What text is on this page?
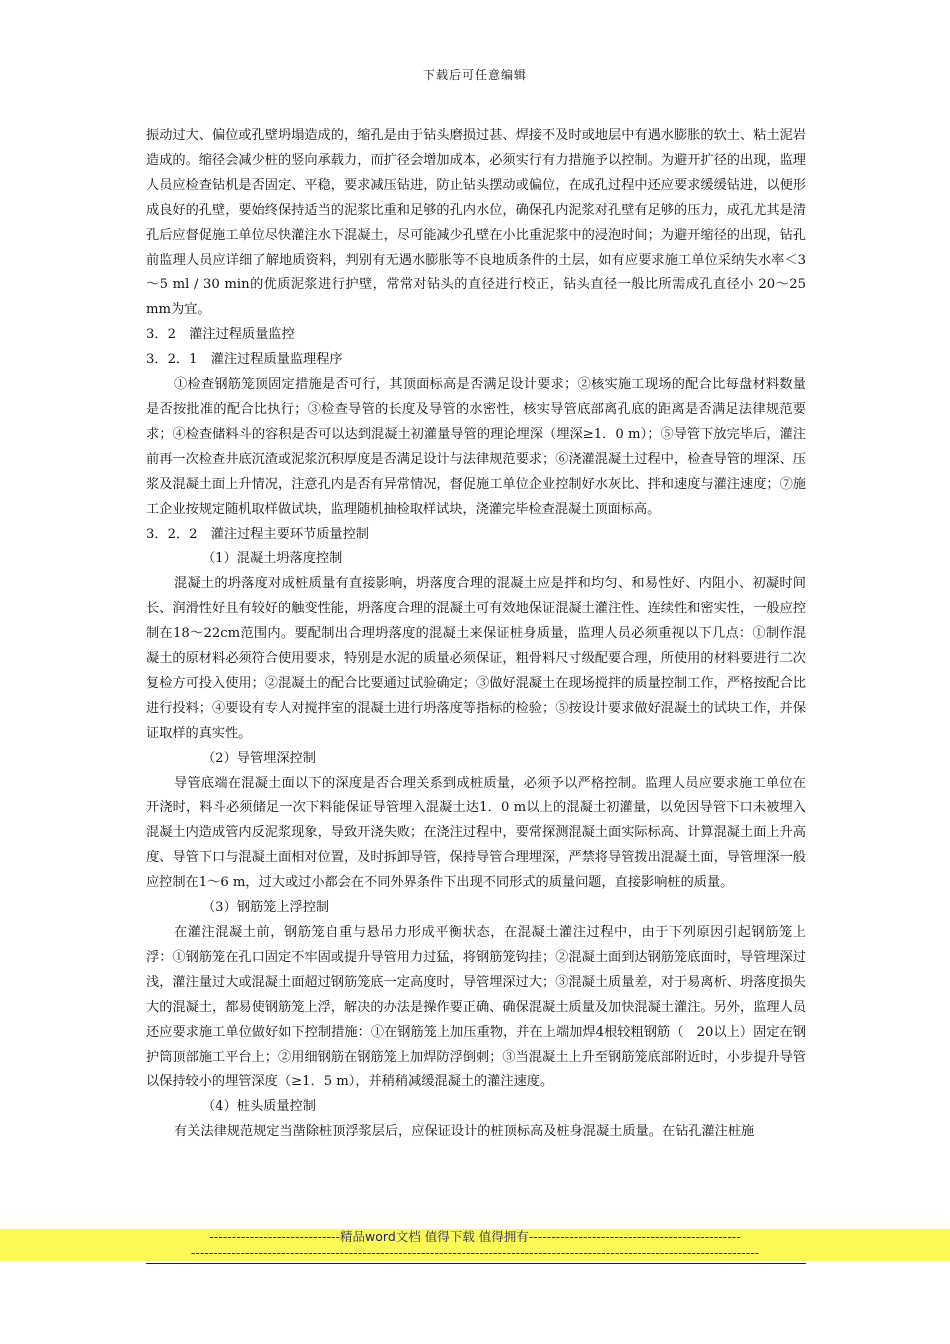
下载后可任意编辑

振动过大、偏位或孔壁坍塌造成的，缩孔是由于钻头磨损过甚、焊接不及时或地层中有遇水膨胀的软土、粘土泥岩造成的。缩径会减少桩的竖向承载力，而扩径会增加成本，必须实行有力措施予以控制。为避开扩径的出现，监理人员应检查钻机是否固定、平稳，要求减压钻进，防止钻头摆动或偏位，在成孔过程中还应要求缓缓钻进，以便形成良好的孔壁，要始终保持适当的泥浆比重和足够的孔内水位，确保孔内泥浆对孔壁有足够的压力，成孔尤其是清孔后应督促施工单位尽快灌注水下混凝土，尽可能减少孔壁在小比重泥浆中的浸泡时间；为避开缩径的出现，钻孔前监理人员应详细了解地质资料，判别有无遇水膨胀等不良地质条件的土层，如有应要求施工单位采纳失水率＜3～5 ml / 30 min的优质泥浆进行护壁，常常对钻头的直径进行校正，钻头直径一般比所需成孔直径小 20～25 mm为宜。

3．2　灌注过程质量监控

3．2．1　灌注过程质量监理程序

①检查钢筋笼顶固定措施是否可行，其顶面标高是否满足设计要求；②核实施工现场的配合比每盘材料数量是否按批准的配合比执行；③检查导管的长度及导管的水密性，核实导管底部离孔底的距离是否满足法律规范要求；④检查储料斗的容积是否可以达到混凝土初灌量导管的理论埋深（埋深≥1．0 m）；⑤导管下放完毕后，灌注前再一次检查井底沉渣或泥浆沉积厚度是否满足设计与法律规范要求；⑥浇灌混凝土过程中，检查导管的埋深、压浆及混凝土面上升情况，注意孔内是否有异常情况，督促施工单位企业控制好水灰比、拌和速度与灌注速度；⑦施工企业按规定随机取样做试块，监理随机抽检取样试块，浇灌完毕检查混凝土顶面标高。

3．2．2　灌注过程主要环节质量控制

（1）混凝土坍落度控制

混凝土的坍落度对成桩质量有直接影响，坍落度合理的混凝土应是拌和均匀、和易性好、内阻小、初凝时间长、润滑性好且有较好的触变性能，坍落度合理的混凝土可有效地保证混凝土灌注性、连续性和密实性，一般应控制在18～22cm范围内。要配制出合理坍落度的混凝土来保证桩身质量，监理人员必须重视以下几点：①制作混凝土的原材料必须符合使用要求，特别是水泥的质量必须保证，粗骨料尺寸级配要合理，所使用的材料要进行二次复检方可投入使用；②混凝土的配合比要通过试验确定；③做好混凝土在现场搅拌的质量控制工作，严格按配合比进行投料；④要设有专人对搅拌室的混凝土进行坍落度等指标的检验；⑤按设计要求做好混凝土的试块工作，并保证取样的真实性。

（2）导管埋深控制

导管底端在混凝土面以下的深度是否合理关系到成桩质量，必须予以严格控制。监理人员应要求施工单位在开浇时，料斗必须储足一次下料能保证导管埋入混凝土达1．0 m以上的混凝土初灌量，以免因导管下口未被埋入混凝土内造成管内反泥浆现象，导致开浇失败；在浇注过程中，要常探测混凝土面实际标高、计算混凝土面上升高度、导管下口与混凝土面相对位置，及时拆卸导管，保持导管合理埋深，严禁将导管拨出混凝土面，导管埋深一般应控制在1～6 m，过大或过小都会在不同外界条件下出现不同形式的质量问题，直接影响桩的质量。

（3）钢筋笼上浮控制

在灌注混凝土前，钢筋笼自重与悬吊力形成平衡状态，在混凝土灌注过程中，由于下列原因引起钢筋笼上浮：①钢筋笼在孔口固定不牢固或提升导管用力过猛，将钢筋笼钩挂；②混凝土面到达钢筋笼底面时，导管埋深过浅，灌注量过大或混凝土面超过钢筋笼底一定高度时，导管埋深过大；③混凝土质量差，对于易离析、坍落度损失大的混凝土，都易使钢筋笼上浮，解决的办法是操作要正确、确保混凝土质量及加快混凝土灌注。另外，监理人员还应要求施工单位做好如下控制措施：①在钢筋笼上加压重物，并在上端加焊4根较粗钢筋（　20以上）固定在钢护筒顶部施工平台上；②用细钢筋在钢筋笼上加焊防浮倒刺；③当混凝土上升至钢筋笼底部附近时，小步提升导管以保持较小的埋管深度（≥1．5 m），并稍稍减缓混凝土的灌注速度。

（4）桩头质量控制

有关法律规范规定当凿除桩顶浮浆层后，应保证设计的桩顶标高及桩身混凝土质量。在钻孔灌注桩施

-----------------------------精品word文档 值得下载 值得拥有-----------------------------------------------

------------------------------------------------------------------------------------------------------------------------------
